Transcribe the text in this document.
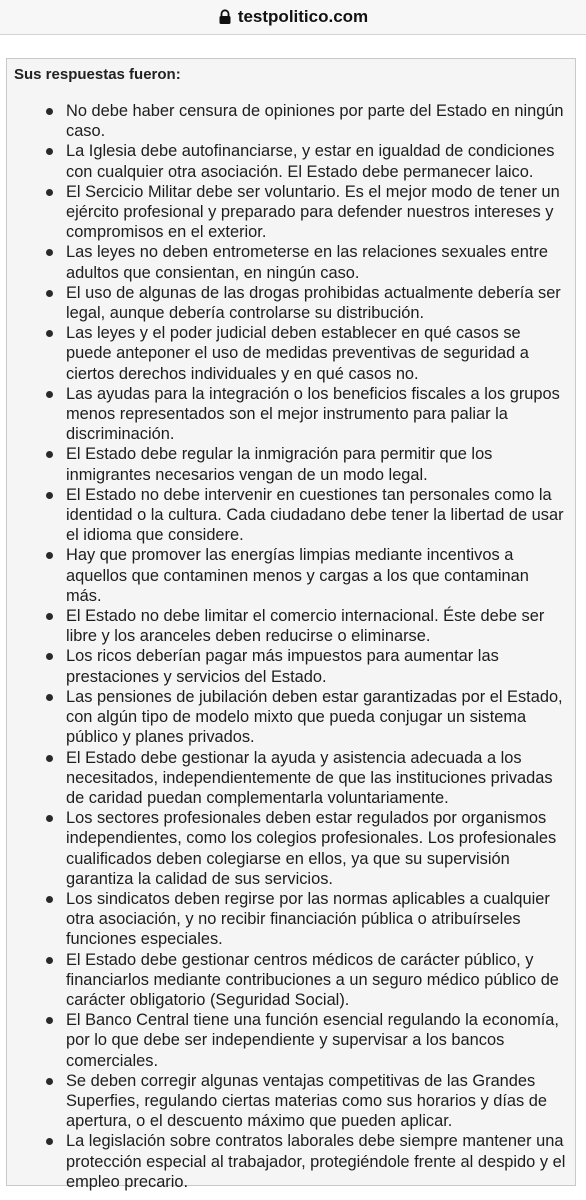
testpolitico.com
Sus respuestas fueron:
No debe haber censura de opiniones por parte del Estado en ningún caso.
La Iglesia debe autofinanciarse, y estar en igualdad de condiciones con cualquier otra asociación. El Estado debe permanecer laico.
El Sercicio Militar debe ser voluntario. Es el mejor modo de tener un ejército profesional y preparado para defender nuestros intereses y compromisos en el exterior.
Las leyes no deben entrometerse en las relaciones sexuales entre adultos que consientan, en ningún caso.
El uso de algunas de las drogas prohibidas actualmente debería ser legal, aunque debería controlarse su distribución.
Las leyes y el poder judicial deben establecer en qué casos se puede anteponer el uso de medidas preventivas de seguridad a ciertos derechos individuales y en qué casos no.
Las ayudas para la integración o los beneficios fiscales a los grupos menos representados son el mejor instrumento para paliar la discriminación.
El Estado debe regular la inmigración para permitir que los inmigrantes necesarios vengan de un modo legal.
El Estado no debe intervenir en cuestiones tan personales como la identidad o la cultura. Cada ciudadano debe tener la libertad de usar el idioma que considere.
Hay que promover las energías limpias mediante incentivos a aquellos que contaminen menos y cargas a los que contaminan más.
El Estado no debe limitar el comercio internacional. Éste debe ser libre y los aranceles deben reducirse o eliminarse.
Los ricos deberían pagar más impuestos para aumentar las prestaciones y servicios del Estado.
Las pensiones de jubilación deben estar garantizadas por el Estado, con algún tipo de modelo mixto que pueda conjugar un sistema público y planes privados.
El Estado debe gestionar la ayuda y asistencia adecuada a los necesitados, independientemente de que las instituciones privadas de caridad puedan complementarla voluntariamente.
Los sectores profesionales deben estar regulados por organismos independientes, como los colegios profesionales. Los profesionales cualificados deben colegiarse en ellos, ya que su supervisión garantiza la calidad de sus servicios.
Los sindicatos deben regirse por las normas aplicables a cualquier otra asociación, y no recibir financiación pública o atribuírseles funciones especiales.
El Estado debe gestionar centros médicos de carácter público, y financiarlos mediante contribuciones a un seguro médico público de carácter obligatorio (Seguridad Social).
El Banco Central tiene una función esencial regulando la economía, por lo que debe ser independiente y supervisar a los bancos comerciales.
Se deben corregir algunas ventajas competitivas de las Grandes Superfies, regulando ciertas materias como sus horarios y días de apertura, o el descuento máximo que pueden aplicar.
La legislación sobre contratos laborales debe siempre mantener una protección especial al trabajador, protegiéndole frente al despido y el empleo precario.
